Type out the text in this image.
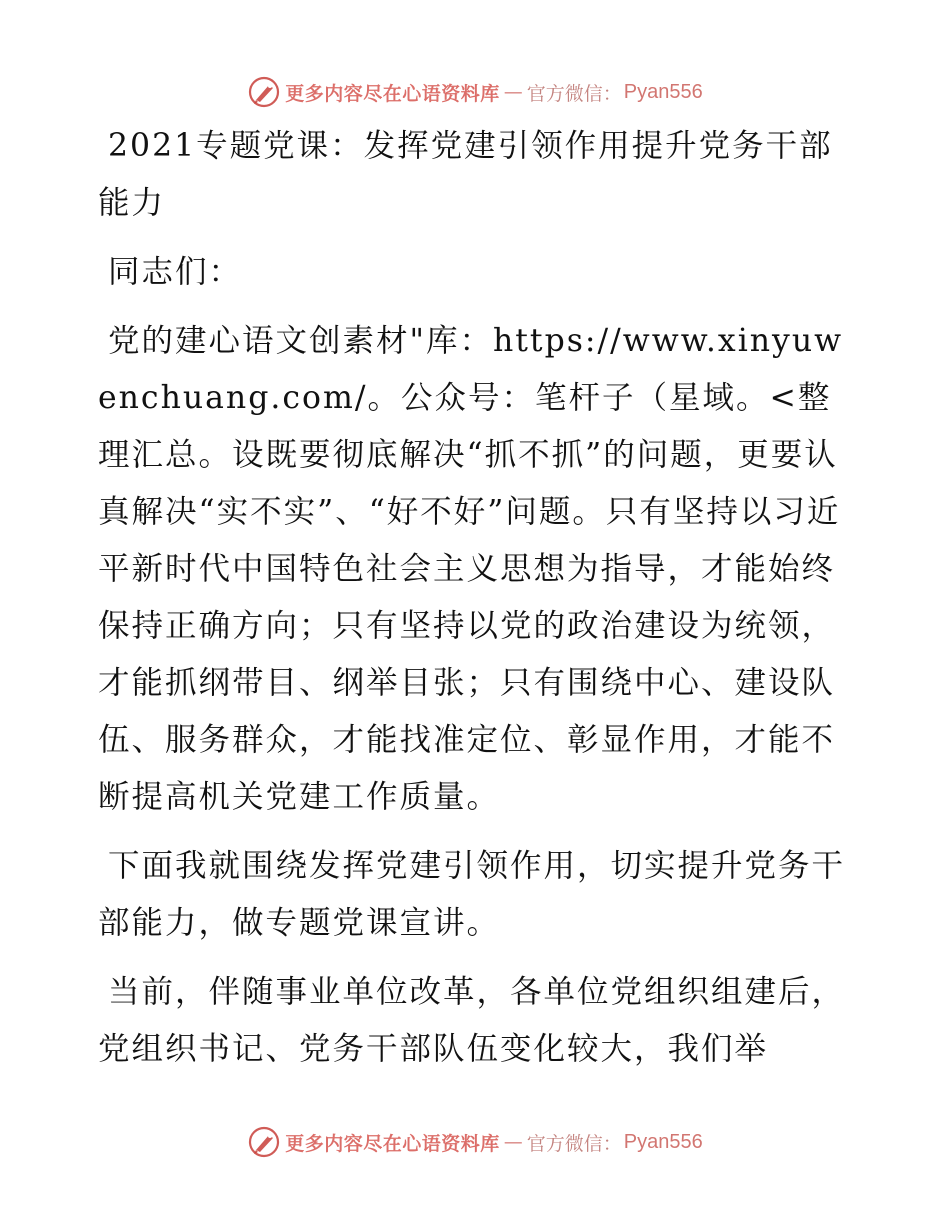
更多内容尽在心语资料库 — 官方微信： Pyan556

2021专题党课：发挥党建引领作用提升党务干部能力

同志们：

党的建心语文创素材"库：https://www.xinyuwenchuang.com/。公众号：笔杆子（星域。<整理汇总。设既要彻底解决“抓不抓”的问题，更要认真解决“实不实”、“好不好”问题。只有坚持以习近平新时代中国特色社会主义思想为指导，才能始终保持正确方向；只有坚持以党的政治建设为统领，才能抓纲带目、纲举目张；只有围绕中心、建设队伍、服务群众，才能找准定位、彰显作用，才能不断提高机关党建工作质量。

下面我就围绕发挥党建引领作用，切实提升党务干部能力，做专题党课宣讲。

当前，伴随事业单位改革，各单位党组织组建后，党组织书记、党务干部队伍变化较大，我们举

更多内容尽在心语资料库 — 官方微信： Pyan556
